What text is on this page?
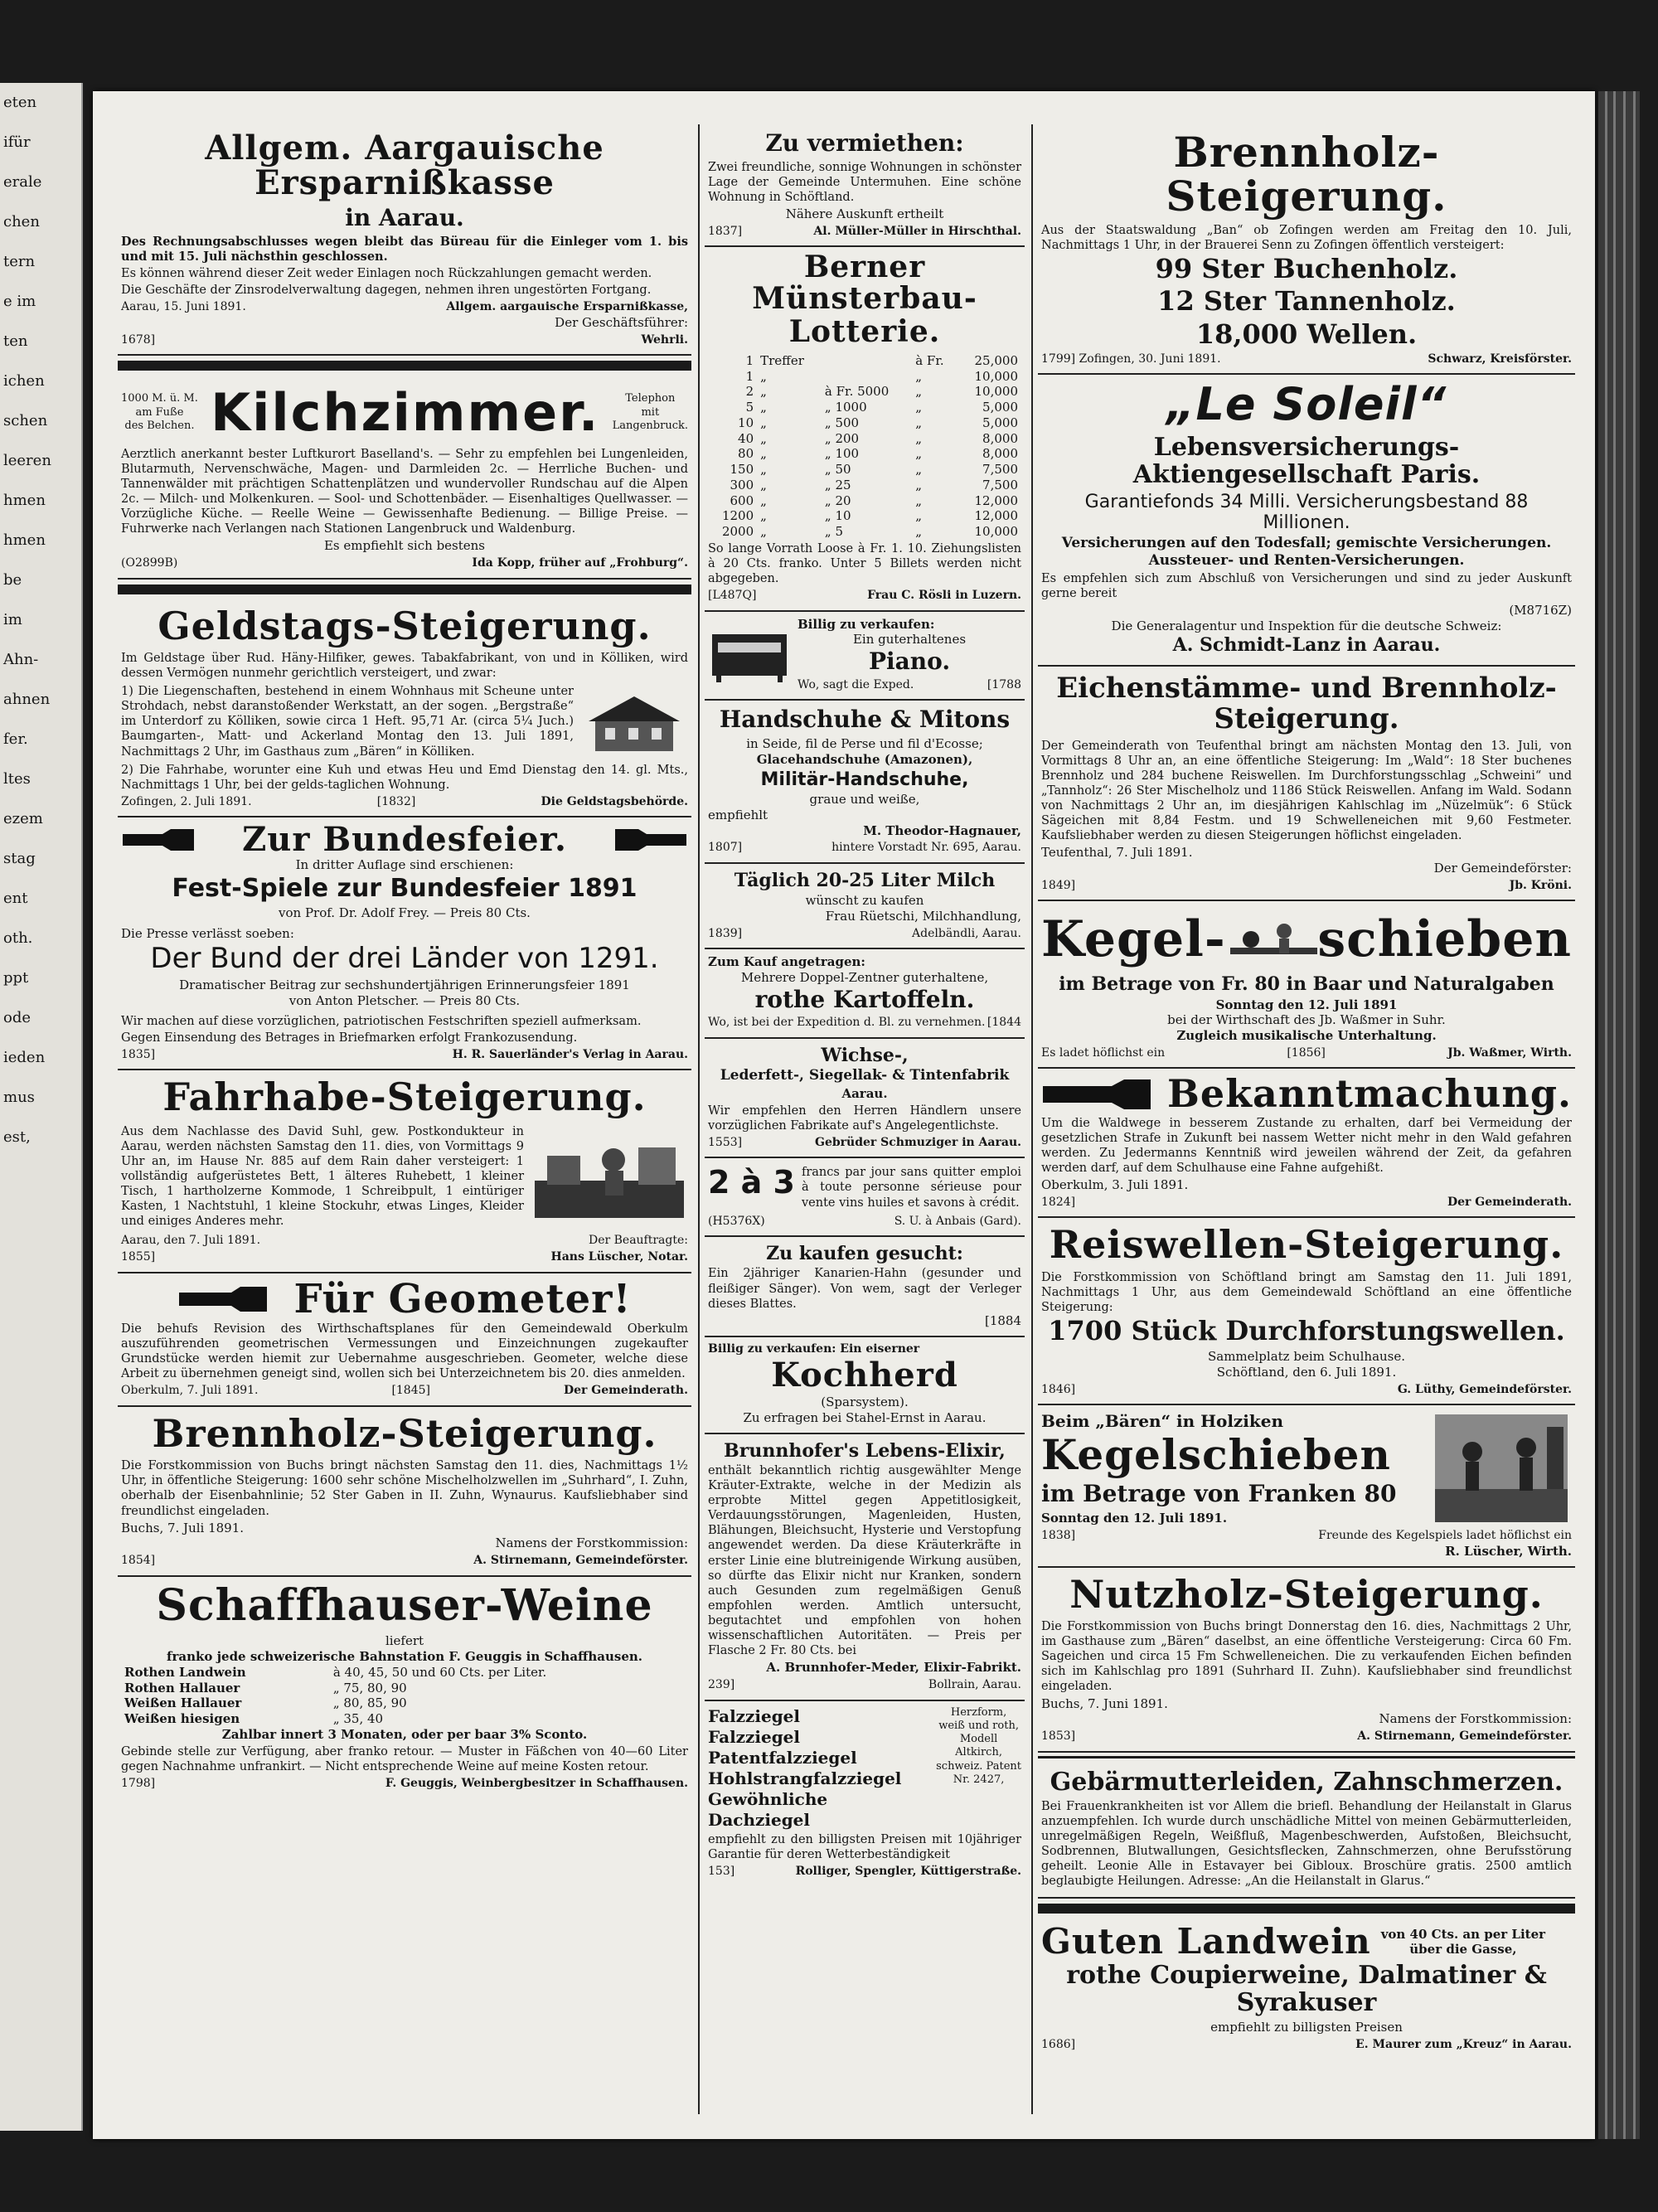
eten
ifür
erale
chen
tern
e im
ten
ichen
schen
leeren
hmen
hmen
be
im
Ahn-
ahnen
fer.
ltes
ezem
stag
ent
oth.
ppt
ode
ieden
mus
est,
Allgem. Aargauische Ersparnißkasse
in Aarau.

Des Rechnungsabschlusses wegen bleibt das Büreau für die Einleger vom 1. bis und mit 15. Juli nächsthin geschlossen.

Es können während dieser Zeit weder Einlagen noch Rückzahlungen gemacht werden.

Die Geschäfte der Zinsrodelverwaltung dagegen, nehmen ihren ungestörten Fortgang.

Aarau, 15. Juni 1891.	Allgem. aargauische Ersparnißkasse,
Der Geschäftsführer:
1678]	Wehrli.
1000 M. ü. M.
am Fuße
des Belchen. Kilchzimmer.	Telephon
mit
Langenbruck.

Aerztlich anerkannt bester Luftkurort Baselland's. — Sehr zu empfehlen bei Lungenleiden, Blutarmuth, Nervenschwäche, Magen- und Darmleiden 2c. — Herrliche Buchen- und Tannenwälder mit prächtigen Schattenplätzen und wundervoller Rundschau auf die Alpen 2c. — Milch- und Molkenkuren. — Sool- und Schottenbäder. — Eisenhaltiges Quellwasser. — Vorzügliche Küche. — Reelle Weine — Gewissenhafte Bedienung. — Billige Preise. — Fuhrwerke nach Verlangen nach Stationen Langenbruck und Waldenburg.

Es empfiehlt sich bestens
(O2899B)	Ida Kopp, früher auf „Frohburg“.
Geldstags-Steigerung.

Im Geldstage über Rud. Häny-Hilfiker, gewes. Tabakfabrikant, von und in Kölliken, wird dessen Vermögen nunmehr gerichtlich versteigert, und zwar:

1) Die Liegenschaften, bestehend in einem Wohnhaus mit Scheune unter Strohdach, nebst daranstoßender Werkstatt, an der sogen. „Bergstraße“ im Unterdorf zu Kölliken, sowie circa 1 Heft. 95,71 Ar. (circa 5¼ Juch.) Baumgarten-, Matt- und Ackerland Montag den 13. Juli 1891, Nachmittags 2 Uhr, im Gasthaus zum „Bären“ in Kölliken.

2) Die Fahrhabe, worunter eine Kuh und etwas Heu und Emd Dienstag den 14. gl. Mts., Nachmittags 1 Uhr, bei der gelds-taglichen Wohnung.

Zofingen, 2. Juli 1891.	[1832]	Die Geldstagsbehörde.
Zur Bundesfeier.
In dritter Auflage sind erschienen:
Fest-Spiele zur Bundesfeier 1891
von Prof. Dr. Adolf Frey. — Preis 80 Cts.
Die Presse verlässt soeben:
Der Bund der drei Länder von 1291.
Dramatischer Beitrag zur sechshundertjährigen Erinnerungsfeier 1891
von Anton Pletscher. — Preis 80 Cts.

Wir machen auf diese vorzüglichen, patriotischen Festschriften speziell aufmerksam.

Gegen Einsendung des Betrages in Briefmarken erfolgt Frankozusendung.

1835]	H. R. Sauerländer's Verlag in Aarau.
Fahrhabe-Steigerung.

Aus dem Nachlasse des David Suhl, gew. Postkondukteur in Aarau, werden nächsten Samstag den 11. dies, von Vormittags 9 Uhr an, im Hause Nr. 885 auf dem Rain daher versteigert: 1 vollständig aufgerüstetes Bett, 1 älteres Ruhebett, 1 kleiner Tisch, 1 hartholzerne Kommode, 1 Schreibpult, 1 eintüriger Kasten, 1 Nachtstuhl, 1 kleine Stockuhr, etwas Linges, Kleider und einiges Anderes mehr.

Aarau, den 7. Juli 1891.	Der Beauftragte:
1855]	Hans Lüscher, Notar.
Für Geometer!

Die behufs Revision des Wirthschaftsplanes für den Gemeindewald Oberkulm auszuführenden geometrischen Vermessungen und Einzeichnungen zugekaufter Grundstücke werden hiemit zur Uebernahme ausgeschrieben. Geometer, welche diese Arbeit zu übernehmen geneigt sind, wollen sich bei Unterzeichnetem bis 20. dies anmelden.

Oberkulm, 7. Juli 1891.	[1845]	Der Gemeinderath.
Brennholz-Steigerung.

Die Forstkommission von Buchs bringt nächsten Samstag den 11. dies, Nachmittags 1½ Uhr, in öffentliche Steigerung: 1600 sehr schöne Mischelholzwellen im „Suhrhard“, I. Zuhn, oberhalb der Eisenbahnlinie; 52 Ster Gaben in II. Zuhn, Wynaurus. Kaufsliebhaber sind freundlichst eingeladen.

Buchs, 7. Juli 1891.
Namens der Forstkommission:
1854]	A. Stirnemann, Gemeindeförster.
Schaffhauser-Weine
liefert
franko jede schweizerische Bahnstation F. Geuggis in Schaffhausen.
Rothen Landwein	à 40, 45, 50 und 60 Cts. per Liter.
Rothen Hallauer	„ 75, 80, 90
Weißen Hallauer	„ 80, 85, 90
Weißen hiesigen	„ 35, 40
Zahlbar innert 3 Monaten, oder per baar 3% Sconto.

Gebinde stelle zur Verfügung, aber franko retour. — Muster in Fäßchen von 40—60 Liter gegen Nachnahme unfrankirt. — Nicht entsprechende Weine auf meine Kosten retour.

1798]	F. Geuggis, Weinbergbesitzer in Schaffhausen.
Zu vermiethen:

Zwei freundliche, sonnige Wohnungen in schönster Lage der Gemeinde Untermuhen. Eine schöne Wohnung in Schöftland.

Nähere Auskunft ertheilt
1837]	Al. Müller-Müller in Hirschthal.
Berner Münsterbau-
Lotterie.
1	Treffer		à Fr.	25,000
1	„		„	10,000
2	„	à Fr. 5000	„	10,000
5	„	„ 1000	„	5,000
10	„	„ 500	„	5,000
40	„	„ 200	„	8,000
80	„	„ 100	„	8,000
150	„	„ 50	„	7,500
300	„	„ 25	„	7,500
600	„	„ 20	„	12,000
1200	„	„ 10	„	12,000
2000	„	„ 5	„	10,000

So lange Vorrath Loose à Fr. 1. 10. Ziehungslisten à 20 Cts. franko. Unter 5 Billets werden nicht abgegeben.

[L487Q]	Frau C. Rösli in Luzern.
Billig zu verkaufen:
Ein guterhaltenes
Piano.
Wo, sagt die Exped.	[1788
Handschuhe & Mitons
in Seide, fil de Perse und fil d'Ecosse;
Glacehandschuhe (Amazonen),
Militär-Handschuhe,
graue und weiße,
empfiehlt
M. Theodor-Hagnauer,
1807]	hintere Vorstadt Nr. 695, Aarau.
Täglich 20-25 Liter Milch
wünscht zu kaufen
Frau Rüetschi, Milchhandlung,
1839]	Adelbändli, Aarau.
Zum Kauf angetragen:
Mehrere Doppel-Zentner guterhaltene,
rothe Kartoffeln.
Wo, ist bei der Expedition d. Bl. zu vernehmen. [1844
Wichse-,
Lederfett-, Siegellak- & Tintenfabrik
Aarau.

Wir empfehlen den Herren Händlern unsere vorzüglichen Fabrikate auf's Angelegentlichste.

1553]	Gebrüder Schmuziger in Aarau.
2 à 3 francs par jour sans quitter emploi à toute personne sérieuse pour vente vins huiles et savons à crédit.

(H5376X)	S. U. à Anbais (Gard).
Zu kaufen gesucht:

Ein 2jähriger Kanarien-Hahn (gesunder und fleißiger Sänger). Von wem, sagt der Verleger dieses Blattes.

[1884
Billig zu verkaufen: Ein eiserner
Kochherd
(Sparsystem).
Zu erfragen bei Stahel-Ernst in Aarau.
Brunnhofer's Lebens-Elixir,

enthält bekanntlich richtig ausgewählter Menge Kräuter-Extrakte, welche in der Medizin als erprobte Mittel gegen Appetitlosigkeit, Verdauungsstörungen, Magenleiden, Husten, Blähungen, Bleichsucht, Hysterie und Verstopfung angewendet werden. Da diese Kräuterkräfte in erster Linie eine blutreinigende Wirkung ausüben, so dürfte das Elixir nicht nur Kranken, sondern auch Gesunden zum regelmäßigen Genuß empfohlen werden. Amtlich untersucht, begutachtet und empfohlen von hohen wissenschaftlichen Autoritäten. — Preis per Flasche 2 Fr. 80 Cts. bei

A. Brunnhofer-Meder, Elixir-Fabrikt.
239]	Bollrain, Aarau.
Falzziegel
Falzziegel
Patentfalzziegel
Hohlstrangfalzziegel
Gewöhnliche Dachziegel
Herzform,
weiß und roth,
Modell
Altkirch,
schweiz. Patent
Nr. 2427,

empfiehlt zu den billigsten Preisen mit 10jähriger Garantie für deren Wetterbeständigkeit

153]	Rolliger, Spengler, Küttigerstraße.
Brennholz-Steigerung.

Aus der Staatswaldung „Ban“ ob Zofingen werden am Freitag den 10. Juli, Nachmittags 1 Uhr, in der Brauerei Senn zu Zofingen öffentlich versteigert:

99 Ster Buchenholz.
12 Ster Tannenholz.
18,000 Wellen.
1799] Zofingen, 30. Juni 1891.	Schwarz, Kreisförster.
„Le Soleil“
Lebensversicherungs-Aktiengesellschaft Paris.
Garantiefonds 34 Milli. Versicherungsbestand 88 Millionen.
Versicherungen auf den Todesfall; gemischte Versicherungen.
Aussteuer- und Renten-Versicherungen.

Es empfehlen sich zum Abschluß von Versicherungen und sind zu jeder Auskunft gerne bereit

(M8716Z)
Die Generalagentur und Inspektion für die deutsche Schweiz:
A. Schmidt-Lanz in Aarau.
Eichenstämme- und Brennholz-Steigerung.

Der Gemeinderath von Teufenthal bringt am nächsten Montag den 13. Juli, von Vormittags 8 Uhr an, an eine öffentliche Steigerung: Im „Wald“: 18 Ster buchenes Brennholz und 284 buchene Reiswellen. Im Durchforstungsschlag „Schweini“ und „Tannholz“: 26 Ster Mischelholz und 1186 Stück Reiswellen. Anfang im Wald. Sodann von Nachmittags 2 Uhr an, im diesjährigen Kahlschlag im „Nüzelmük“: 6 Stück Sägeichen mit 8,84 Festm. und 19 Schwelleneichen mit 9,60 Festmeter. Kaufsliebhaber werden zu diesen Steigerungen höflichst eingeladen.

Teufenthal, 7. Juli 1891.
Der Gemeindeförster:
1849]	Jb. Kröni.
Kegel- schieben
im Betrage von Fr. 80 in Baar und Naturalgaben
Sonntag den 12. Juli 1891
bei der Wirthschaft des Jb. Waßmer in Suhr.
Zugleich musikalische Unterhaltung.
Es ladet höflichst ein	[1856]	Jb. Waßmer, Wirth.
Bekanntmachung.

Um die Waldwege in besserem Zustande zu erhalten, darf bei Vermeidung der gesetzlichen Strafe in Zukunft bei nassem Wetter nicht mehr in den Wald gefahren werden. Zu Jedermanns Kenntniß wird jeweilen während der Zeit, da gefahren werden darf, auf dem Schulhause eine Fahne aufgehißt.

Oberkulm, 3. Juli 1891.
1824]	Der Gemeinderath.
Reiswellen-Steigerung.

Die Forstkommission von Schöftland bringt am Samstag den 11. Juli 1891, Nachmittags 1 Uhr, aus dem Gemeindewald Schöftland an eine öffentliche Steigerung:

1700 Stück Durchforstungswellen.
Sammelplatz beim Schulhause.
Schöftland, den 6. Juli 1891.
1846]	G. Lüthy, Gemeindeförster.
Beim „Bären“ in Holziken
Kegelschieben
im Betrage von Franken 80
Sonntag den 12. Juli 1891.
1838]	Freunde des Kegelspiels ladet höflichst ein
R. Lüscher, Wirth.
Nutzholz-Steigerung.

Die Forstkommission von Buchs bringt Donnerstag den 16. dies, Nachmittags 2 Uhr, im Gasthause zum „Bären“ daselbst, an eine öffentliche Versteigerung: Circa 60 Fm. Sageichen und circa 15 Fm Schwelleneichen. Die zu verkaufenden Eichen befinden sich im Kahlschlag pro 1891 (Suhrhard II. Zuhn). Kaufsliebhaber sind freundlichst eingeladen.

Buchs, 7. Juni 1891.
Namens der Forstkommission:
1853]	A. Stirnemann, Gemeindeförster.
Gebärmutterleiden, Zahnschmerzen.

Bei Frauenkrankheiten ist vor Allem die briefl. Behandlung der Heilanstalt in Glarus anzuempfehlen. Ich wurde durch unschädliche Mittel von meinen Gebärmutterleiden, unregelmäßigen Regeln, Weißfluß, Magenbeschwerden, Aufstoßen, Bleichsucht, Sodbrennen, Blutwallungen, Gesichtsflecken, Zahnschmerzen, ohne Berufsstörung geheilt. Leonie Alle in Estavayer bei Gibloux. Broschüre gratis. 2500 amtlich beglaubigte Heilungen. Adresse: „An die Heilanstalt in Glarus.“

Guten Landwein von 40 Cts. an per Liter
über die Gasse,
rothe Coupierweine, Dalmatiner & Syrakuser
empfiehlt zu billigsten Preisen
1686]	E. Maurer zum „Kreuz“ in Aarau.
